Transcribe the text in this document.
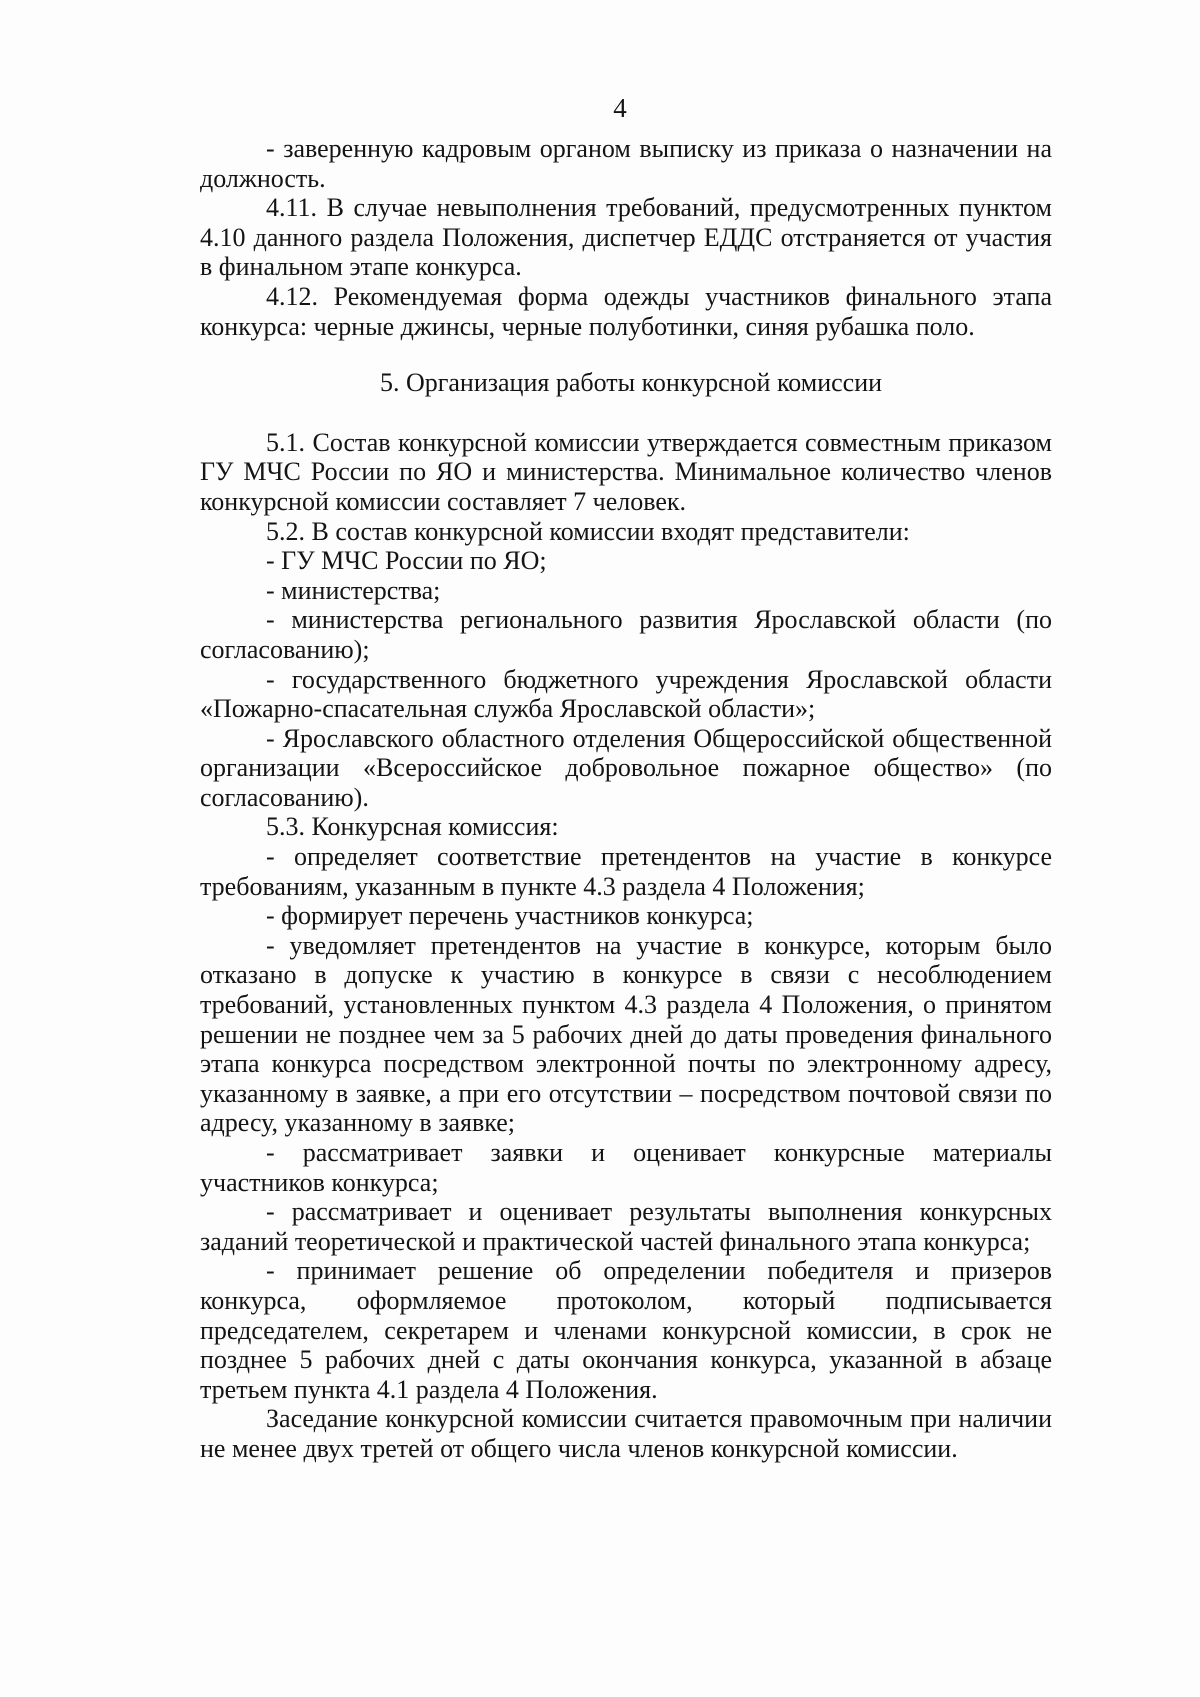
4

- заверенную кадровым органом выписку из приказа о назначении на должность.

4.11. В случае невыполнения требований, предусмотренных пунктом 4.10 данного раздела Положения, диспетчер ЕДДС отстраняется от участия в финальном этапе конкурса.

4.12. Рекомендуемая форма одежды участников финального этапа конкурса: черные джинсы, черные полуботинки, синяя рубашка поло.

5. Организация работы конкурсной комиссии

5.1. Состав конкурсной комиссии утверждается совместным приказом ГУ МЧС России по ЯО и министерства. Минимальное количество членов конкурсной комиссии составляет 7 человек.

5.2. В состав конкурсной комиссии входят представители:

- ГУ МЧС России по ЯО;

- министерства;

- министерства регионального развития Ярославской области (по согласованию);

- государственного бюджетного учреждения Ярославской области «Пожарно-спасательная служба Ярославской области»;

- Ярославского областного отделения Общероссийской общественной организации «Всероссийское добровольное пожарное общество» (по согласованию).

5.3. Конкурсная комиссия:

- определяет соответствие претендентов на участие в конкурсе требованиям, указанным в пункте 4.3 раздела 4 Положения;

- формирует перечень участников конкурса;

- уведомляет претендентов на участие в конкурсе, которым было отказано в допуске к участию в конкурсе в связи с несоблюдением требований, установленных пунктом 4.3 раздела 4 Положения, о принятом решении не позднее чем за 5 рабочих дней до даты проведения финального этапа конкурса посредством электронной почты по электронному адресу, указанному в заявке, а при его отсутствии – посредством почтовой связи по адресу, указанному в заявке;

- рассматривает заявки и оценивает конкурсные материалы участников конкурса;

- рассматривает и оценивает результаты выполнения конкурсных заданий теоретической и практической частей финального этапа конкурса;

- принимает решение об определении победителя и призеров конкурса, оформляемое протоколом, который подписывается председателем, секретарем и членами конкурсной комиссии, в срок не позднее 5 рабочих дней с даты окончания конкурса, указанной в абзаце третьем пункта 4.1 раздела 4 Положения.

Заседание конкурсной комиссии считается правомочным при наличии не менее двух третей от общего числа членов конкурсной комиссии.
